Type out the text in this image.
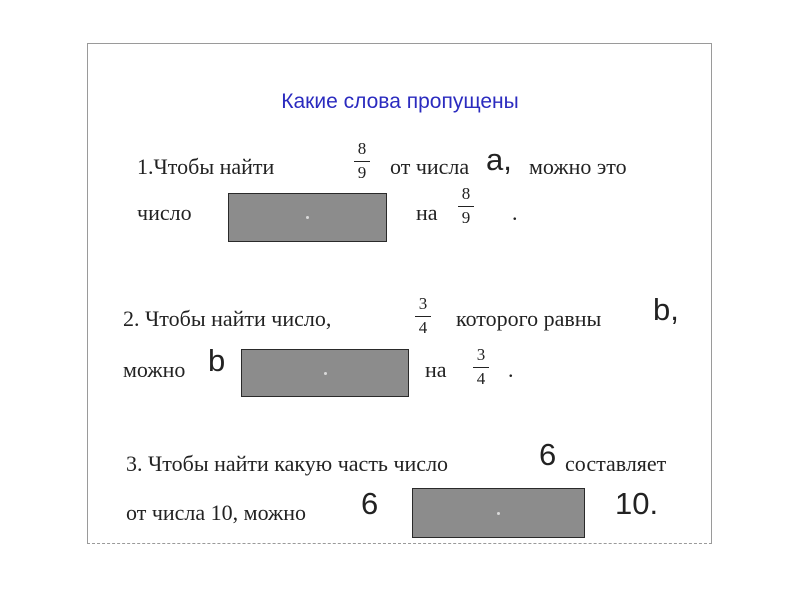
Какие слова пропущены
1.Чтобы найти
8
9 от числа а, можно это
число	на
8
9 .
2. Чтобы найти число,
3
4 которого равны b,
можно b	на
3
4 .
3. Чтобы найти какую часть число	6 составляет
от числа 10, можно 6	10.
